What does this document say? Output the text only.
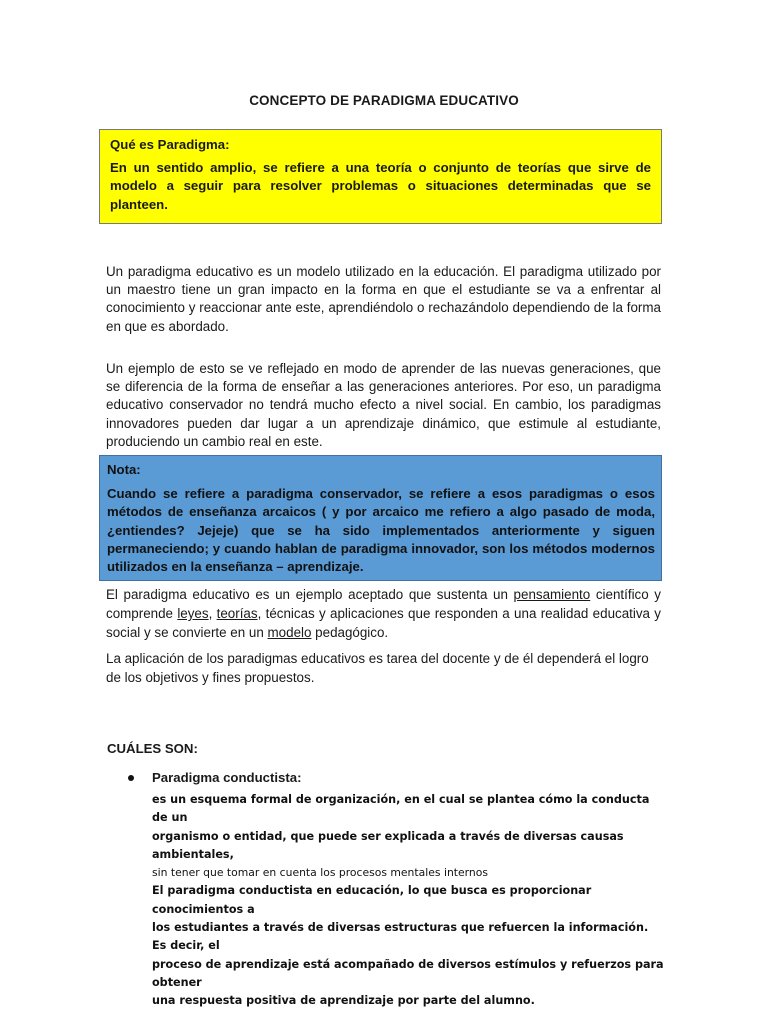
CONCEPTO DE PARADIGMA EDUCATIVO
Qué es Paradigma:
En un sentido amplio, se refiere a una teoría o conjunto de teorías que sirve de modelo a seguir para resolver problemas o situaciones determinadas que se planteen.
Un paradigma educativo es un modelo utilizado en la educación. El paradigma utilizado por un maestro tiene un gran impacto en la forma en que el estudiante se va a enfrentar al conocimiento y reaccionar ante este, aprendiéndolo o rechazándolo dependiendo de la forma en que es abordado.
Un ejemplo de esto se ve reflejado en modo de aprender de las nuevas generaciones, que se diferencia de la forma de enseñar a las generaciones anteriores. Por eso, un paradigma educativo conservador no tendrá mucho efecto a nivel social. En cambio, los paradigmas innovadores pueden dar lugar a un aprendizaje dinámico, que estimule al estudiante, produciendo un cambio real en este.
Nota:
Cuando se refiere a paradigma conservador, se refiere a esos paradigmas o esos métodos de enseñanza arcaicos ( y por arcaico me refiero a algo pasado de moda, ¿entiendes? Jejeje) que se ha sido implementados anteriormente y siguen permaneciendo; y cuando hablan de paradigma innovador, son los métodos modernos utilizados en la enseñanza – aprendizaje.
El paradigma educativo es un ejemplo aceptado que sustenta un pensamiento científico y comprende leyes, teorías, técnicas y aplicaciones que responden a una realidad educativa y social y se convierte en un modelo pedagógico.
La aplicación de los paradigmas educativos es tarea del docente y de él dependerá el logro de los objetivos y fines propuestos.
CUÁLES SON:
Paradigma conductista:
es un esquema formal de organización, en el cual se plantea cómo la conducta de un
organismo o entidad, que puede ser explicada a través de diversas causas ambientales,
sin tener que tomar en cuenta los procesos mentales internos
El paradigma conductista en educación, lo que busca es proporcionar conocimientos a
los estudiantes a través de diversas estructuras que refuercen la información. Es decir, el
proceso de aprendizaje está acompañado de diversos estímulos y refuerzos para obtener
una respuesta positiva de aprendizaje por parte del alumno.
